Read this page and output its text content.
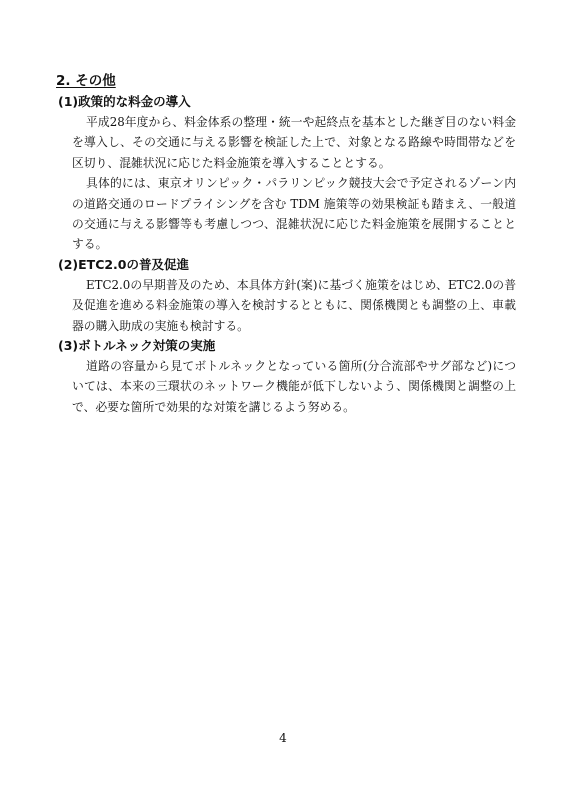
2. その他

(1)政策的な料金の導入

平成28年度から、料金体系の整理・統一や起終点を基本とした継ぎ目のない料金を導入し、その交通に与える影響を検証した上で、対象となる路線や時間帯などを区切り、混雑状況に応じた料金施策を導入することとする。

具体的には、東京オリンピック・パラリンピック競技大会で予定されるゾーン内の道路交通のロードプライシングを含む TDM 施策等の効果検証も踏まえ、一般道の交通に与える影響等も考慮しつつ、混雑状況に応じた料金施策を展開することとする。

(2)ETC2.0の普及促進

ETC2.0の早期普及のため、本具体方針(案)に基づく施策をはじめ、ETC2.0の普及促進を進める料金施策の導入を検討するとともに、関係機関とも調整の上、車載器の購入助成の実施も検討する。

(3)ボトルネック対策の実施

道路の容量から見てボトルネックとなっている箇所(分合流部やサグ部など)については、本来の三環状のネットワーク機能が低下しないよう、関係機関と調整の上で、必要な箇所で効果的な対策を講じるよう努める。

4
